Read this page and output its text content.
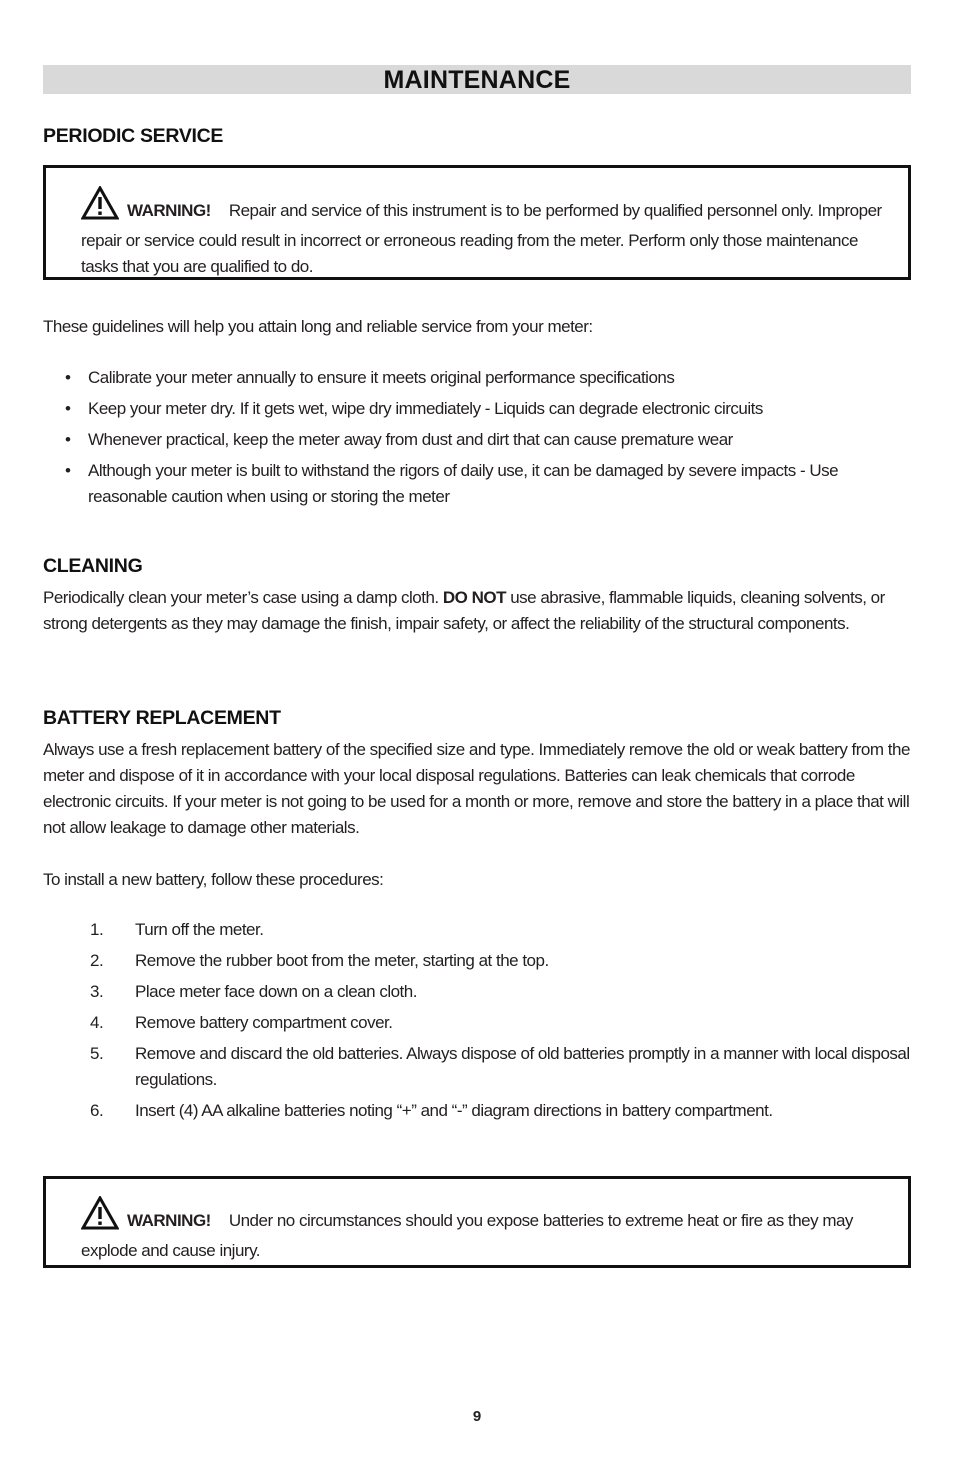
MAINTENANCE
PERIODIC SERVICE
WARNING! Repair and service of this instrument is to be performed by qualified personnel only. Improper repair or service could result in incorrect or erroneous reading from the meter. Perform only those maintenance tasks that you are qualified to do.
These guidelines will help you attain long and reliable service from your meter:
• Calibrate your meter annually to ensure it meets original performance specifications
• Keep your meter dry. If it gets wet, wipe dry immediately - Liquids can degrade electronic circuits
• Whenever practical, keep the meter away from dust and dirt that can cause premature wear
• Although your meter is built to withstand the rigors of daily use, it can be damaged by severe impacts - Use reasonable caution when using or storing the meter
CLEANING
Periodically clean your meter’s case using a damp cloth. DO NOT use abrasive, flammable liquids, cleaning solvents, or strong detergents as they may damage the finish, impair safety, or affect the reliability of the structural components.
BATTERY REPLACEMENT
Always use a fresh replacement battery of the specified size and type. Immediately remove the old or weak battery from the meter and dispose of it in accordance with your local disposal regulations. Batteries can leak chemicals that corrode electronic circuits. If your meter is not going to be used for a month or more, remove and store the battery in a place that will not allow leakage to damage other materials.
To install a new battery, follow these procedures:
1. Turn off the meter.
2. Remove the rubber boot from the meter, starting at the top.
3. Place meter face down on a clean cloth.
4. Remove battery compartment cover.
5. Remove and discard the old batteries. Always dispose of old batteries promptly in a manner with local disposal regulations.
6. Insert (4) AA alkaline batteries noting “+” and “-” diagram directions in battery compartment.
WARNING! Under no circumstances should you expose batteries to extreme heat or fire as they may explode and cause injury.
9
